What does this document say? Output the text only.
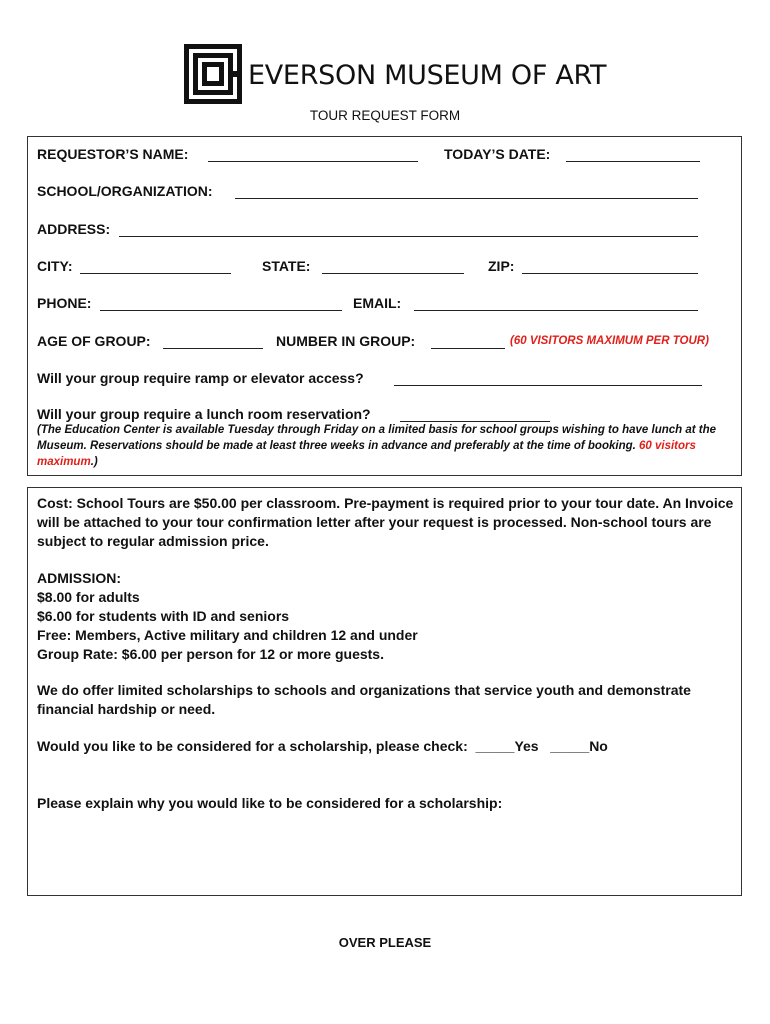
EVERSON MUSEUM OF ART
TOUR REQUEST FORM
REQUESTOR’S NAME:	TODAY’S DATE:
SCHOOL/ORGANIZATION:
ADDRESS:
CITY:	STATE:	ZIP:
PHONE:	EMAIL:
AGE OF GROUP:	NUMBER IN GROUP:	(60 VISITORS MAXIMUM PER TOUR)
Will your group require ramp or elevator access?
Will your group require a lunch room reservation?
(The Education Center is available Tuesday through Friday on a limited basis for school groups wishing to have lunch at the Museum. Reservations should be made at least three weeks in advance and preferably at the time of booking. 60 visitors maximum.)
Cost: School Tours are $50.00 per classroom. Pre-payment is required prior to your tour date. An Invoice will be attached to your tour confirmation letter after your request is processed. Non-school tours are subject to regular admission price.
ADMISSION:
$8.00 for adults
$6.00 for students with ID and seniors
Free: Members, Active military and children 12 and under
Group Rate: $6.00 per person for 12 or more guests.
We do offer limited scholarships to schools and organizations that service youth and demonstrate financial hardship or need.
Would you like to be considered for a scholarship, please check:  _____Yes   _____No
Please explain why you would like to be considered for a scholarship:
OVER PLEASE
